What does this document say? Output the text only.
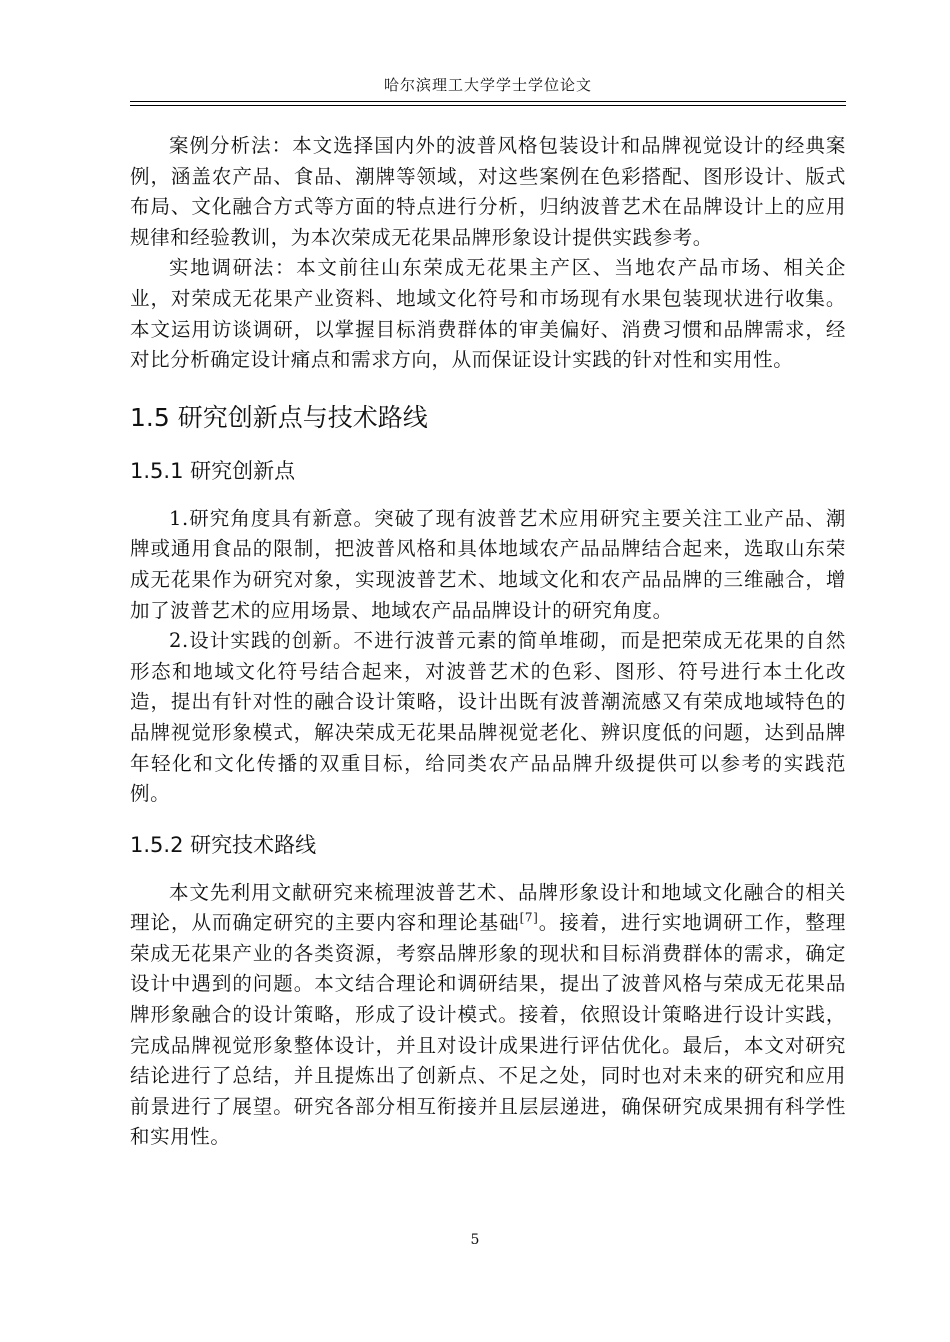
哈尔滨理工大学学士学位论文

案例分析法：本文选择国内外的波普风格包装设计和品牌视觉设计的经典案例，涵盖农产品、食品、潮牌等领域，对这些案例在色彩搭配、图形设计、版式布局、文化融合方式等方面的特点进行分析，归纳波普艺术在品牌设计上的应用规律和经验教训，为本次荣成无花果品牌形象设计提供实践参考。

实地调研法：本文前往山东荣成无花果主产区、当地农产品市场、相关企业，对荣成无花果产业资料、地域文化符号和市场现有水果包装现状进行收集。本文运用访谈调研，以掌握目标消费群体的审美偏好、消费习惯和品牌需求，经对比分析确定设计痛点和需求方向，从而保证设计实践的针对性和实用性。

1.5 研究创新点与技术路线
1.5.1 研究创新点

1.研究角度具有新意。突破了现有波普艺术应用研究主要关注工业产品、潮牌或通用食品的限制，把波普风格和具体地域农产品品牌结合起来，选取山东荣成无花果作为研究对象，实现波普艺术、地域文化和农产品品牌的三维融合，增加了波普艺术的应用场景、地域农产品品牌设计的研究角度。

2.设计实践的创新。不进行波普元素的简单堆砌，而是把荣成无花果的自然形态和地域文化符号结合起来，对波普艺术的色彩、图形、符号进行本土化改造，提出有针对性的融合设计策略，设计出既有波普潮流感又有荣成地域特色的品牌视觉形象模式，解决荣成无花果品牌视觉老化、辨识度低的问题，达到品牌年轻化和文化传播的双重目标，给同类农产品品牌升级提供可以参考的实践范例。

1.5.2 研究技术路线

本文先利用文献研究来梳理波普艺术、品牌形象设计和地域文化融合的相关理论，从而确定研究的主要内容和理论基础[7]。接着，进行实地调研工作，整理荣成无花果产业的各类资源，考察品牌形象的现状和目标消费群体的需求，确定设计中遇到的问题。本文结合理论和调研结果，提出了波普风格与荣成无花果品牌形象融合的设计策略，形成了设计模式。接着，依照设计策略进行设计实践，完成品牌视觉形象整体设计，并且对设计成果进行评估优化。最后，本文对研究结论进行了总结，并且提炼出了创新点、不足之处，同时也对未来的研究和应用前景进行了展望。研究各部分相互衔接并且层层递进，确保研究成果拥有科学性和实用性。

5
